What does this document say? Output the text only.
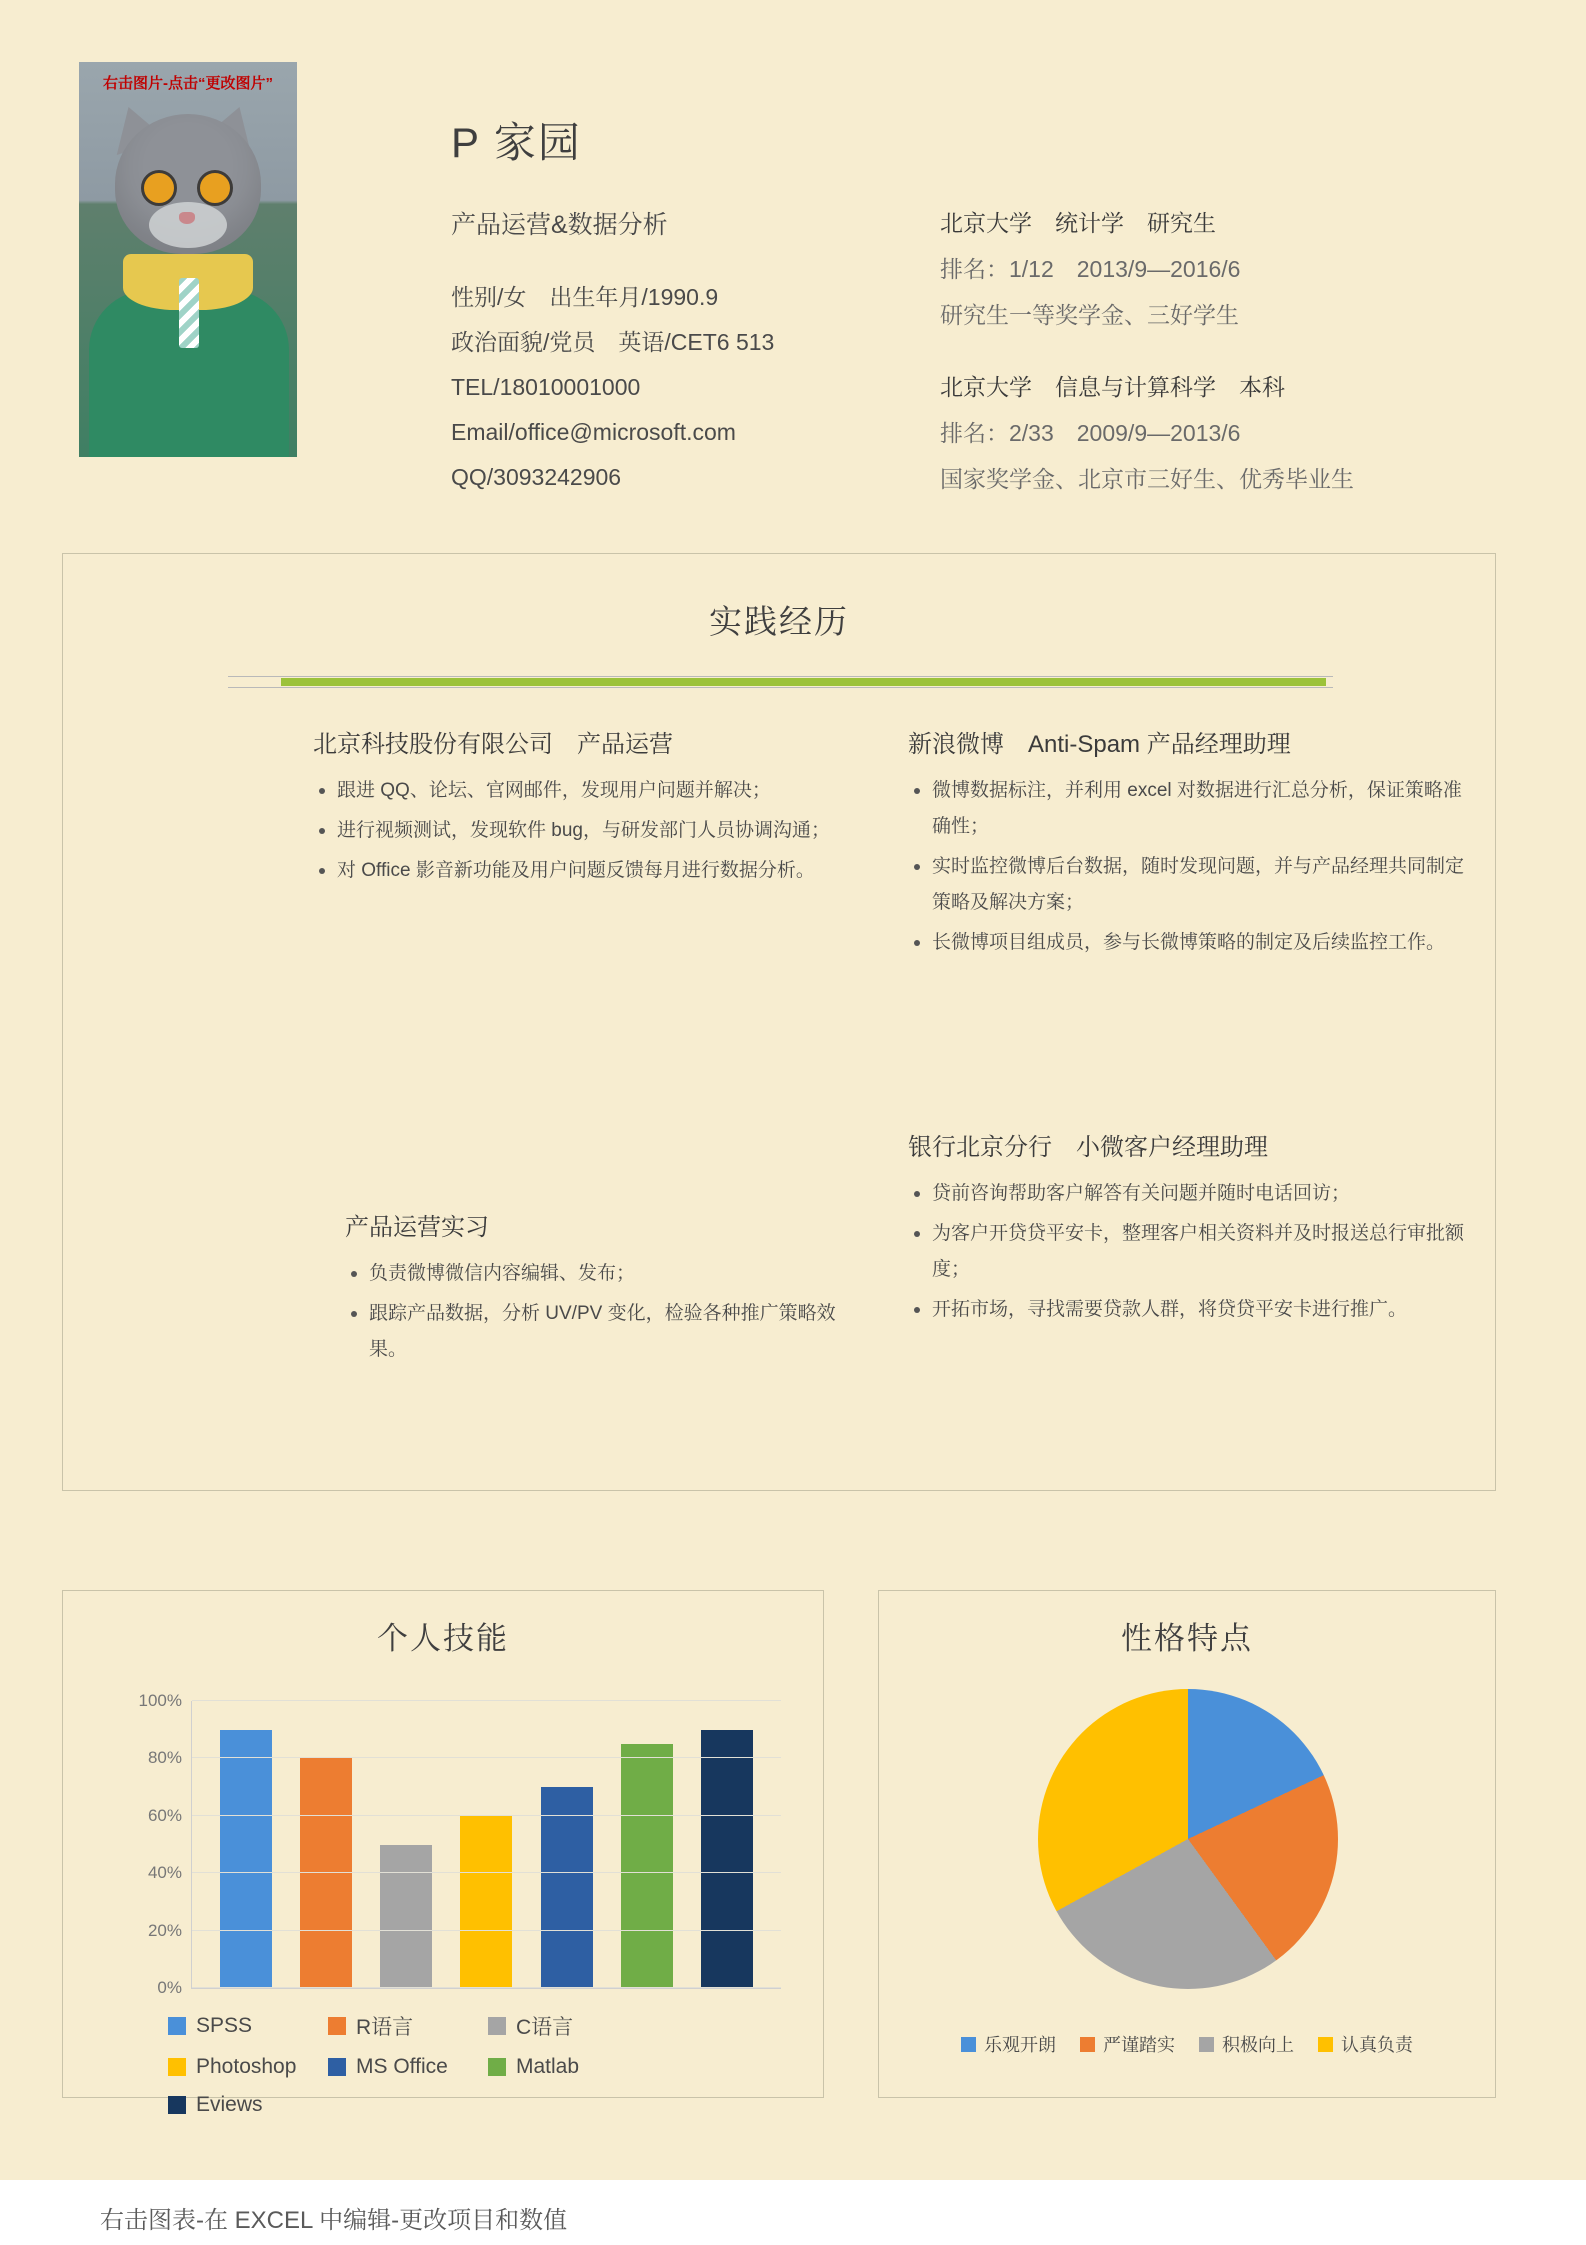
右击图片-点击“更改图片”
P 家园
产品运营&数据分析
性别/女　出生年月/1990.9
政治面貌/党员　英语/CET6 513
TEL/18010001000
Email/office@microsoft.com
QQ/3093242906
北京大学　统计学　研究生
排名：1/12　2013/9—2016/6
研究生一等奖学金、三好学生
北京大学　信息与计算科学　本科
排名：2/33　2009/9—2013/6
国家奖学金、北京市三好生、优秀毕业生
实践经历
北京科技股份有限公司　产品运营
跟进 QQ、论坛、官网邮件，发现用户问题并解决；
进行视频测试，发现软件 bug，与研发部门人员协调沟通；
对 Office 影音新功能及用户问题反馈每月进行数据分析。
产品运营实习
负责微博微信内容编辑、发布；
跟踪产品数据，分析 UV/PV 变化，检验各种推广策略效果。
新浪微博　Anti-Spam 产品经理助理
微博数据标注，并利用 excel 对数据进行汇总分析，保证策略准确性；
实时监控微博后台数据，随时发现问题，并与产品经理共同制定策略及解决方案；
长微博项目组成员，参与长微博策略的制定及后续监控工作。
银行北京分行　小微客户经理助理
贷前咨询帮助客户解答有关问题并随时电话回访；
为客户开贷贷平安卡，整理客户相关资料并及时报送总行审批额度；
开拓市场，寻找需要贷款人群，将贷贷平安卡进行推广。
个人技能
0%
20%
40%
60%
80%
100%
SPSS	R语言	C语言
Photoshop	MS Office	Matlab
Eviews
性格特点
乐观开朗	严谨踏实	积极向上	认真负责
右击图表-在 EXCEL 中编辑-更改项目和数值
